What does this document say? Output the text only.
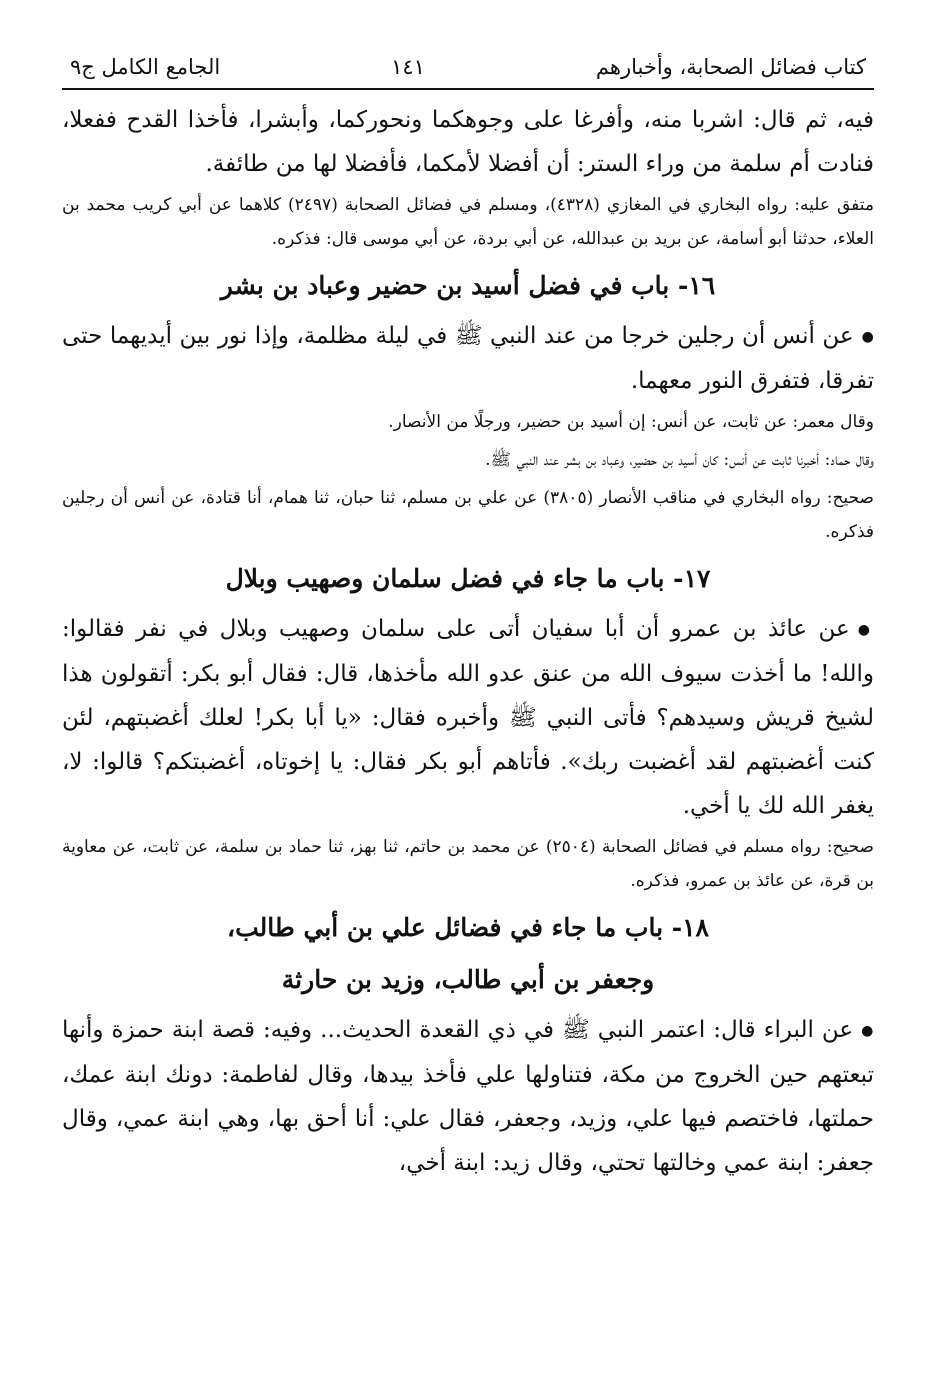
كتاب فضائل الصحابة، وأخبارهم
١٤١
الجامع الكامل ج٩

فيه، ثم قال: اشربا منه، وأفرغا على وجوهكما ونحوركما، وأبشرا، فأخذا القدح ففعلا، فنادت أم سلمة من وراء الستر: أن أفضلا لأمكما، فأفضلا لها من طائفة.

متفق عليه: رواه البخاري في المغازي (٤٣٢٨)، ومسلم في فضائل الصحابة (٢٤٩٧) كلاهما عن أبي كريب محمد بن العلاء، حدثنا أبو أسامة، عن بريد بن عبدالله، عن أبي بردة، عن أبي موسى قال: فذكره.

١٦- باب في فضل أسيد بن حضير وعباد بن بشر

● عن أنس أن رجلين خرجا من عند النبي ﷺ في ليلة مظلمة، وإذا نور بين أيديهما حتى تفرقا، فتفرق النور معهما.

وقال معمر: عن ثابت، عن أنس: إن أسيد بن حضير، ورجلًا من الأنصار.

وقال حماد: أخبرنا ثابت عن أنس: كان أسيد بن حضير، وعباد بن بشر عند النبي ﷺ.

صحيح: رواه البخاري في مناقب الأنصار (٣٨٠٥) عن علي بن مسلم، ثنا حبان، ثنا همام، أنا قتادة، عن أنس أن رجلين فذكره.

١٧- باب ما جاء في فضل سلمان وصهيب وبلال

● عن عائذ بن عمرو أن أبا سفيان أتى على سلمان وصهيب وبلال في نفر فقالوا: والله! ما أخذت سيوف الله من عنق عدو الله مأخذها، قال: فقال أبو بكر: أتقولون هذا لشيخ قريش وسيدهم؟ فأتى النبي ﷺ وأخبره فقال: «يا أبا بكر! لعلك أغضبتهم، لئن كنت أغضبتهم لقد أغضبت ربك». فأتاهم أبو بكر فقال: يا إخوتاه، أغضبتكم؟ قالوا: لا، يغفر الله لك يا أخي.

صحيح: رواه مسلم في فضائل الصحابة (٢٥٠٤) عن محمد بن حاتم، ثنا بهز، ثنا حماد بن سلمة، عن ثابت، عن معاوية بن قرة، عن عائذ بن عمرو، فذكره.

١٨- باب ما جاء في فضائل علي بن أبي طالب،

وجعفر بن أبي طالب، وزيد بن حارثة

● عن البراء قال: اعتمر النبي ﷺ في ذي القعدة الحديث... وفيه: قصة ابنة حمزة وأنها تبعتهم حين الخروج من مكة، فتناولها علي فأخذ بيدها، وقال لفاطمة: دونك ابنة عمك، حملتها، فاختصم فيها علي، وزيد، وجعفر، فقال علي: أنا أحق بها، وهي ابنة عمي، وقال جعفر: ابنة عمي وخالتها تحتي، وقال زيد: ابنة أخي،
